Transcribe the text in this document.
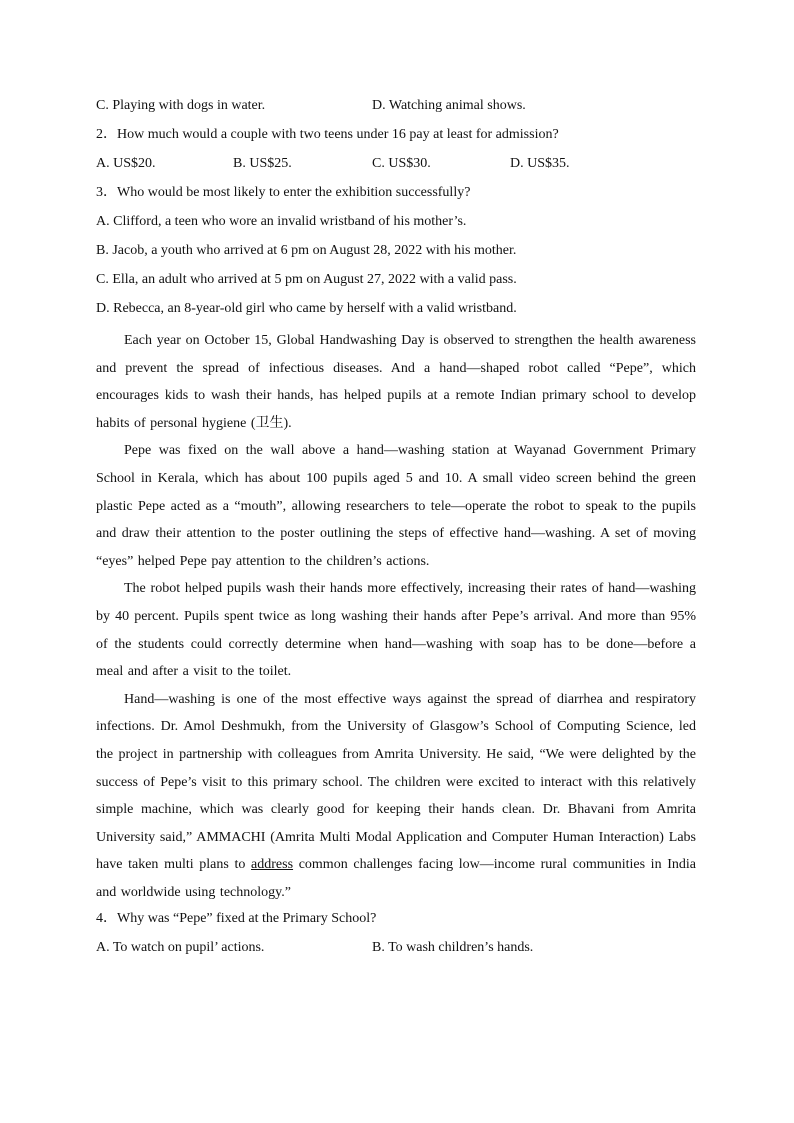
C. Playing with dogs in water.	D. Watching animal shows.
2．How much would a couple with two teens under 16 pay at least for admission?
A. US$20.	B. US$25.	C. US$30.	D. US$35.
3．Who would be most likely to enter the exhibition successfully?
A. Clifford, a teen who wore an invalid wristband of his mother’s.
B. Jacob, a youth who arrived at 6 pm on August 28, 2022 with his mother.
C. Ella, an adult who arrived at 5 pm on August 27, 2022 with a valid pass.
D. Rebecca, an 8-year-old girl who came by herself with a valid wristband.

Each year on October 15, Global Handwashing Day is observed to strengthen the health awareness and prevent the spread of infectious diseases. And a hand—shaped robot called “Pepe”, which encourages kids to wash their hands, has helped pupils at a remote Indian primary school to develop habits of personal hygiene (卫生).

Pepe was fixed on the wall above a hand—washing station at Wayanad Government Primary School in Kerala, which has about 100 pupils aged 5 and 10. A small video screen behind the green plastic Pepe acted as a “mouth”, allowing researchers to tele—operate the robot to speak to the pupils and draw their attention to the poster outlining the steps of effective hand—washing. A set of moving “eyes” helped Pepe pay attention to the children’s actions.

The robot helped pupils wash their hands more effectively, increasing their rates of hand—washing by 40 percent. Pupils spent twice as long washing their hands after Pepe’s arrival. And more than 95% of the students could correctly determine when hand—washing with soap has to be done—before a meal and after a visit to the toilet.

Hand—washing is one of the most effective ways against the spread of diarrhea and respiratory infections. Dr. Amol Deshmukh, from the University of Glasgow’s School of Computing Science, led the project in partnership with colleagues from Amrita University. He said, “We were delighted by the success of Pepe’s visit to this primary school. The children were excited to interact with this relatively simple machine, which was clearly good for keeping their hands clean. Dr. Bhavani from Amrita University said,” AMMACHI (Amrita Multi Modal Application and Computer Human Interaction) Labs have taken multi plans to address common challenges facing low—income rural communities in India and worldwide using technology.”

4．Why was “Pepe” fixed at the Primary School?
A. To watch on pupil’ actions.	B. To wash children’s hands.
